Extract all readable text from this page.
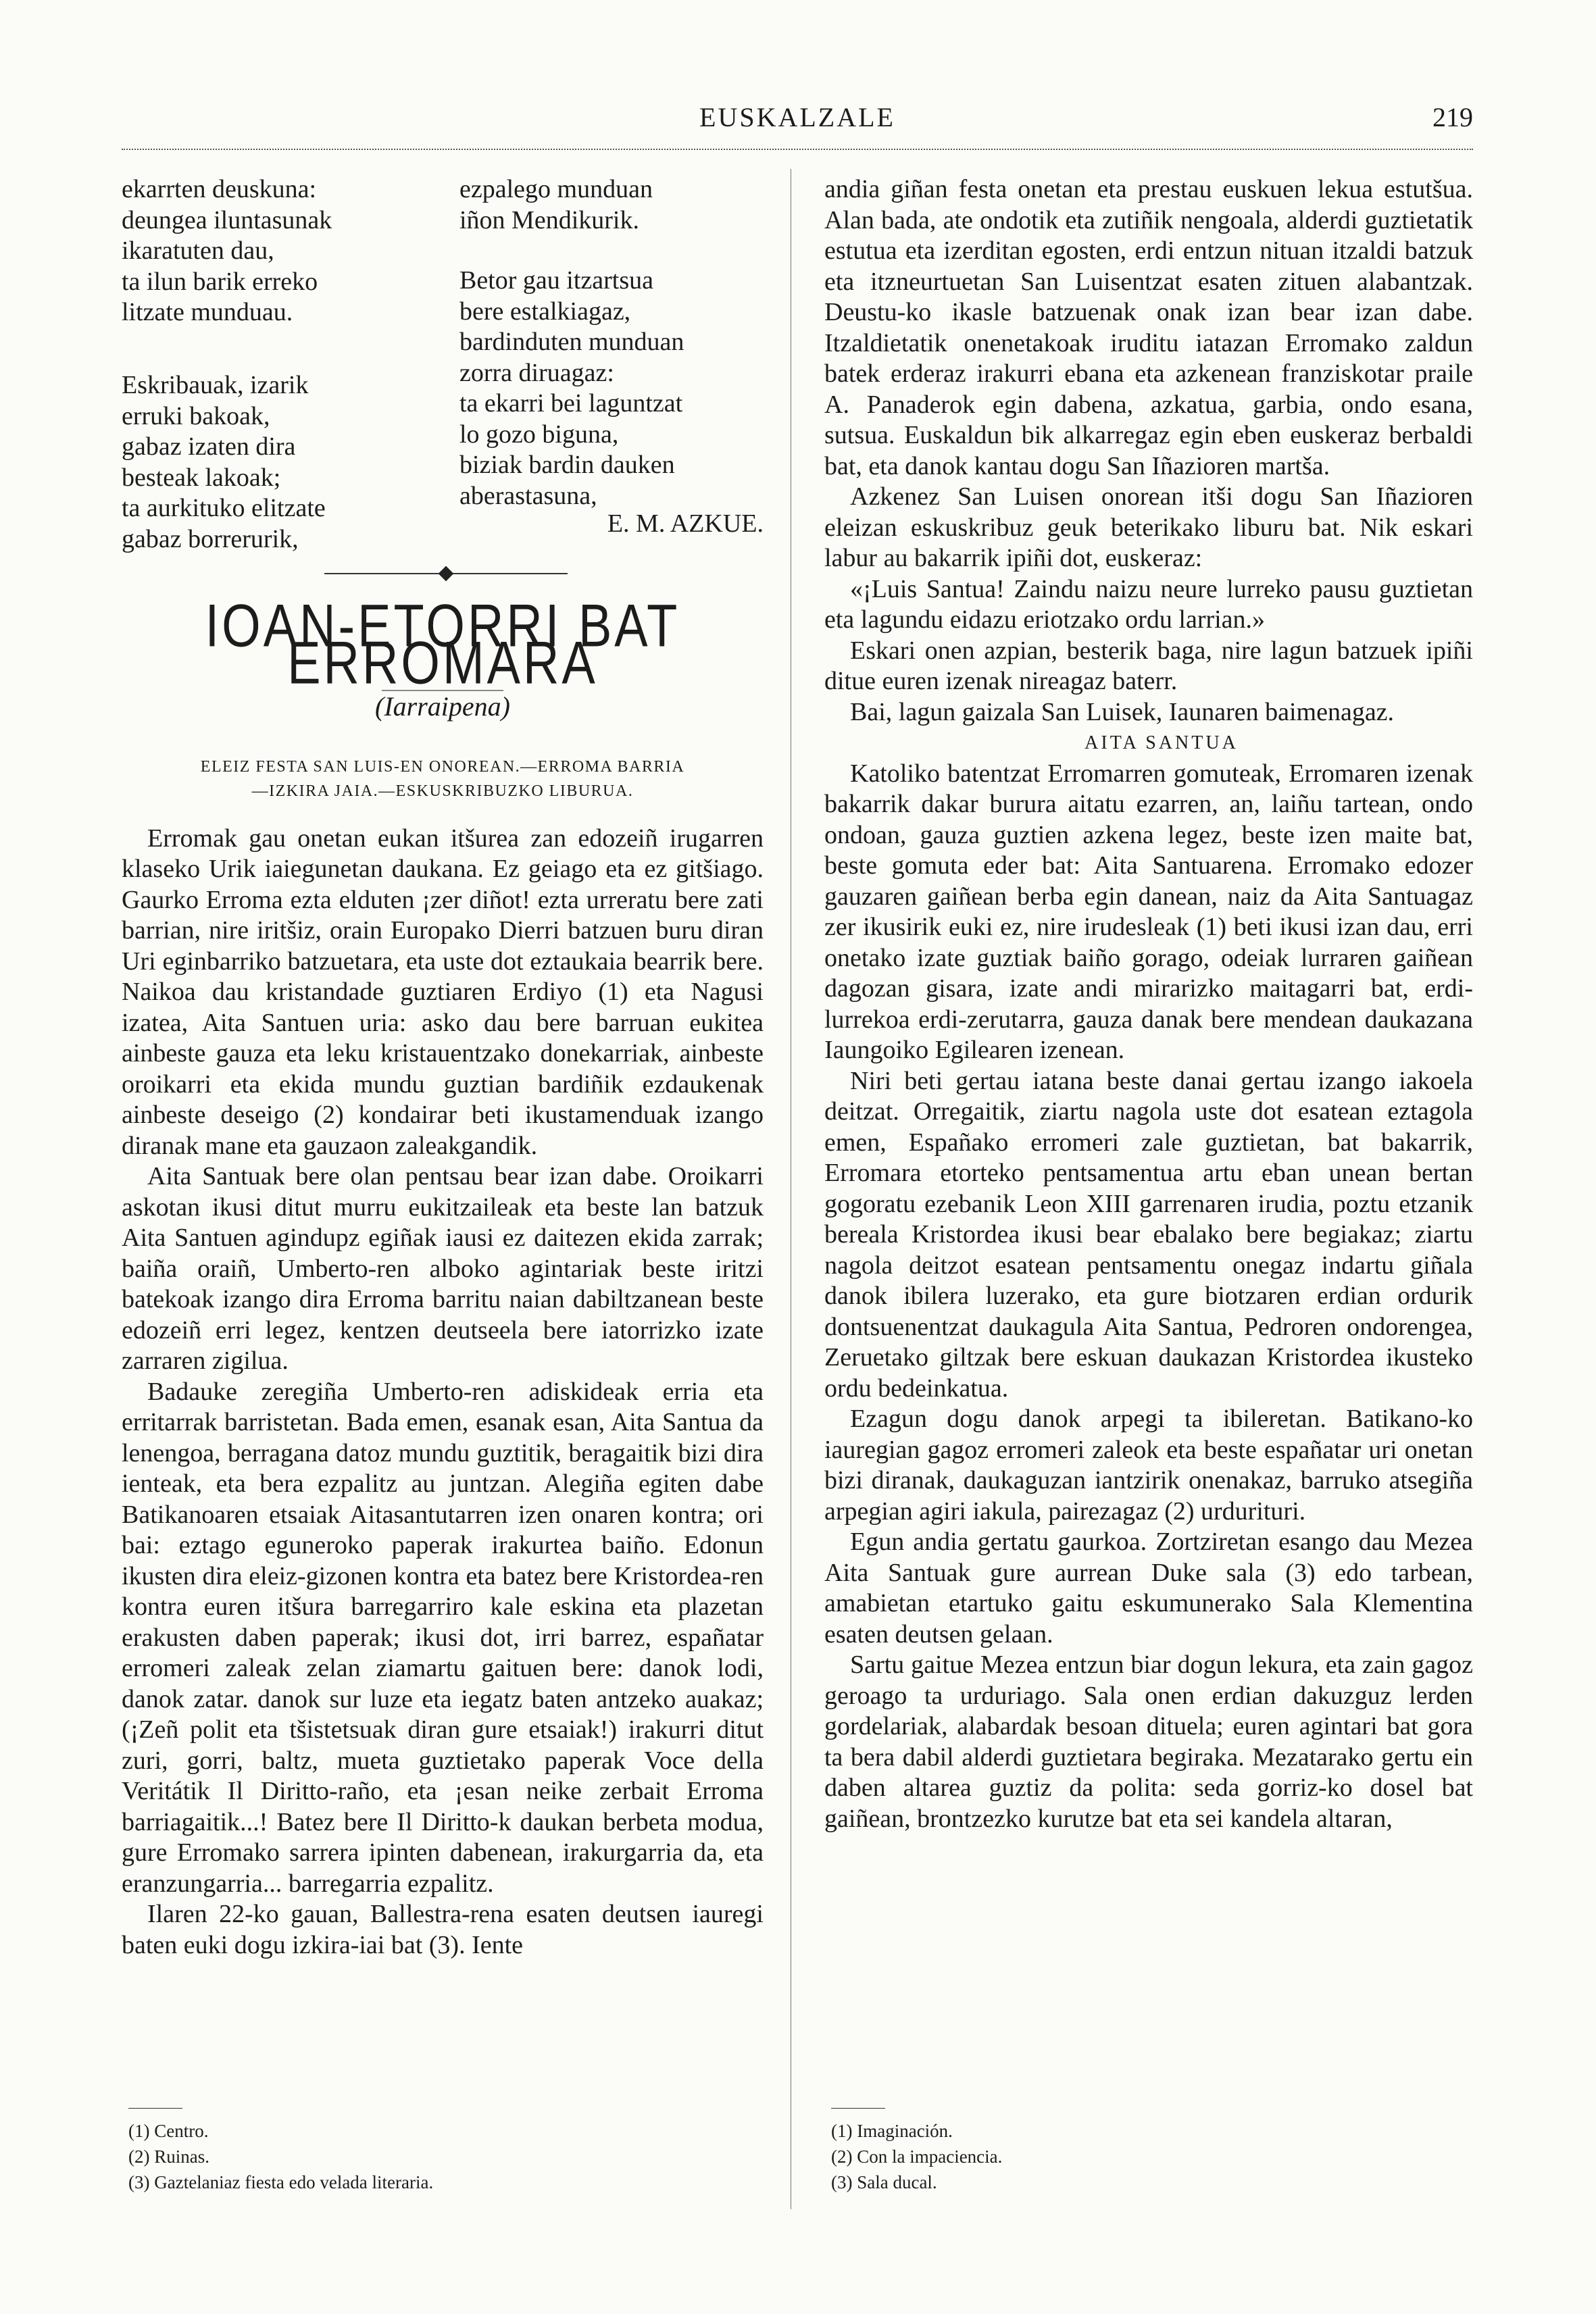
EUSKALZALE	219
ekarrten deuskuna:
deungea iluntasunak
ikaratuten dau,
ta ilun barik erreko
litzate munduau.
Eskribauak, izarik
erruki bakoak,
gabaz izaten dira
besteak lakoak;
ta aurkituko elitzate
gabaz borrerurik,
ezpalego munduan
iñon Mendikurik.
Betor gau itzartsua
bere estalkiagaz,
bardinduten munduan
zorra diruagaz:
ta ekarri bei laguntzat
lo gozo biguna,
biziak bardin dauken
aberastasuna,
E. M. AZKUE.
IOAN-ETORRI BAT ERROMARA

(Iarraipena)

ELEIZ FESTA SAN LUIS-EN ONOREAN.—ERROMA BARRIA
—IZKIRA JAIA.—ESKUSKRIBUZKO LIBURUA.

Erromak gau onetan eukan itšurea zan edozeiñ irugarren klaseko Urik iaiegunetan daukana. Ez geiago eta ez gitšiago. Gaurko Erroma ezta elduten ¡zer diñot! ezta urreratu bere zati barrian, nire iritšiz, orain Europako Dierri batzuen buru diran Uri eginbarriko batzuetara, eta uste dot eztaukaia bearrik bere. Naikoa dau kristandade guztiaren Erdiyo (1) eta Nagusi izatea, Aita Santuen uria: asko dau bere barruan eukitea ainbeste gauza eta leku kristauentzako donekarriak, ainbeste oroikarri eta ekida mundu guztian bardiñik ezdaukenak ainbeste deseigo (2) kondairar beti ikustamenduak izango diranak mane eta gauzaon zaleakgandik.

Aita Santuak bere olan pentsau bear izan dabe. Oroikarri askotan ikusi ditut murru eukitzaileak eta beste lan batzuk Aita Santuen agindupz egiñak iausi ez daitezen ekida zarrak; baiña oraiñ, Umberto-ren alboko agintariak beste iritzi batekoak izango dira Erroma barritu naian dabiltzanean beste edozeiñ erri legez, kentzen deutseela bere iatorrizko izate zarraren zigilua.

Badauke zeregiña Umberto-ren adiskideak erria eta erritarrak barristetan. Bada emen, esanak esan, Aita Santua da lenengoa, berragana datoz mundu guztitik, beragaitik bizi dira ienteak, eta bera ezpalitz au juntzan. Alegiña egiten dabe Batikanoaren etsaiak Aitasantutarren izen onaren kontra; ori bai: eztago eguneroko paperak irakurtea baiño. Edonun ikusten dira eleiz-gizonen kontra eta batez bere Kristordea-ren kontra euren itšura barregarriro kale eskina eta plazetan erakusten daben paperak; ikusi dot, irri barrez, españatar erromeri zaleak zelan ziamartu gaituen bere: danok lodi, danok zatar. danok sur luze eta iegatz baten antzeko auakaz; (¡Zeñ polit eta tšistetsuak diran gure etsaiak!) irakurri ditut zuri, gorri, baltz, mueta guztietako paperak Voce della Veritátik Il Diritto-raño, eta ¡esan neike zerbait Erroma barriagaitik...! Batez bere Il Diritto-k daukan berbeta modua, gure Erromako sarrera ipinten dabenean, irakurgarria da, eta eranzungarria... barregarria ezpalitz.

Ilaren 22-ko gauan, Ballestra-rena esaten deutsen iauregi baten euki dogu izkira-iai bat (3). Iente

andia giñan festa onetan eta prestau euskuen lekua estutšua. Alan bada, ate ondotik eta zutiñik nengoala, alderdi guztietatik estutua eta izerditan egosten, erdi entzun nituan itzaldi batzuk eta itzneurtuetan San Luisentzat esaten zituen alabantzak. Deustu-ko ikasle batzuenak onak izan bear izan dabe. Itzaldietatik onenetakoak iruditu iatazan Erromako zaldun batek erderaz irakurri ebana eta azkenean franziskotar praile A. Panaderok egin dabena, azkatua, garbia, ondo esana, sutsua. Euskaldun bik alkarregaz egin eben euskeraz berbaldi bat, eta danok kantau dogu San Iñazioren martša.

Azkenez San Luisen onorean itši dogu San Iñazioren eleizan eskuskribuz geuk beterikako liburu bat. Nik eskari labur au bakarrik ipiñi dot, euskeraz:

«¡Luis Santua! Zaindu naizu neure lurreko pausu guztietan eta lagundu eidazu eriotzako ordu larrian.»

Eskari onen azpian, besterik baga, nire lagun batzuek ipiñi ditue euren izenak nireagaz baterr.

Bai, lagun gaizala San Luisek, Iaunaren baimenagaz.

AITA SANTUA

Katoliko batentzat Erromarren gomuteak, Erromaren izenak bakarrik dakar burura aitatu ezarren, an, laiñu tartean, ondo ondoan, gauza guztien azkena legez, beste izen maite bat, beste gomuta eder bat: Aita Santuarena. Erromako edozer gauzaren gaiñean berba egin danean, naiz da Aita Santuagaz zer ikusirik euki ez, nire irudesleak (1) beti ikusi izan dau, erri onetako izate guztiak baiño gorago, odeiak lurraren gaiñean dagozan gisara, izate andi mirarizko maitagarri bat, erdi-lurrekoa erdi-zerutarra, gauza danak bere mendean daukazana Iaungoiko Egilearen izenean.

Niri beti gertau iatana beste danai gertau izango iakoela deitzat. Orregaitik, ziartu nagola uste dot esatean eztagola emen, Españako erromeri zale guztietan, bat bakarrik, Erromara etorteko pentsamentua artu eban unean bertan gogoratu ezebanik Leon XIII garrenaren irudia, poztu etzanik bereala Kristordea ikusi bear ebalako bere begiakaz; ziartu nagola deitzot esatean pentsamentu onegaz indartu giñala danok ibilera luzerako, eta gure biotzaren erdian ordurik dontsuenentzat daukagula Aita Santua, Pedroren ondorengea, Zeruetako giltzak bere eskuan daukazan Kristordea ikusteko ordu bedeinkatua.

Ezagun dogu danok arpegi ta ibileretan. Batikano-ko iauregian gagoz erromeri zaleok eta beste españatar uri onetan bizi diranak, daukaguzan iantzirik onenakaz, barruko atsegiña arpegian agiri iakula, pairezagaz (2) urdurituri.

Egun andia gertatu gaurkoa. Zortziretan esango dau Mezea Aita Santuak gure aurrean Duke sala (3) edo tarbean, amabietan etartuko gaitu eskumunerako Sala Klementina esaten deutsen gelaan.

Sartu gaitue Mezea entzun biar dogun lekura, eta zain gagoz geroago ta urduriago. Sala onen erdian dakuzguz lerden gordelariak, alabardak besoan dituela; euren agintari bat gora ta bera dabil alderdi guztietara begiraka. Mezatarako gertu ein daben altarea guztiz da polita: seda gorriz-ko dosel bat gaiñean, brontzezko kurutze bat eta sei kandela altaran,

(1) Centro.
(2) Ruinas.
(3) Gaztelaniaz fiesta edo velada literaria.
(1) Imaginación.
(2) Con la impaciencia.
(3) Sala ducal.
